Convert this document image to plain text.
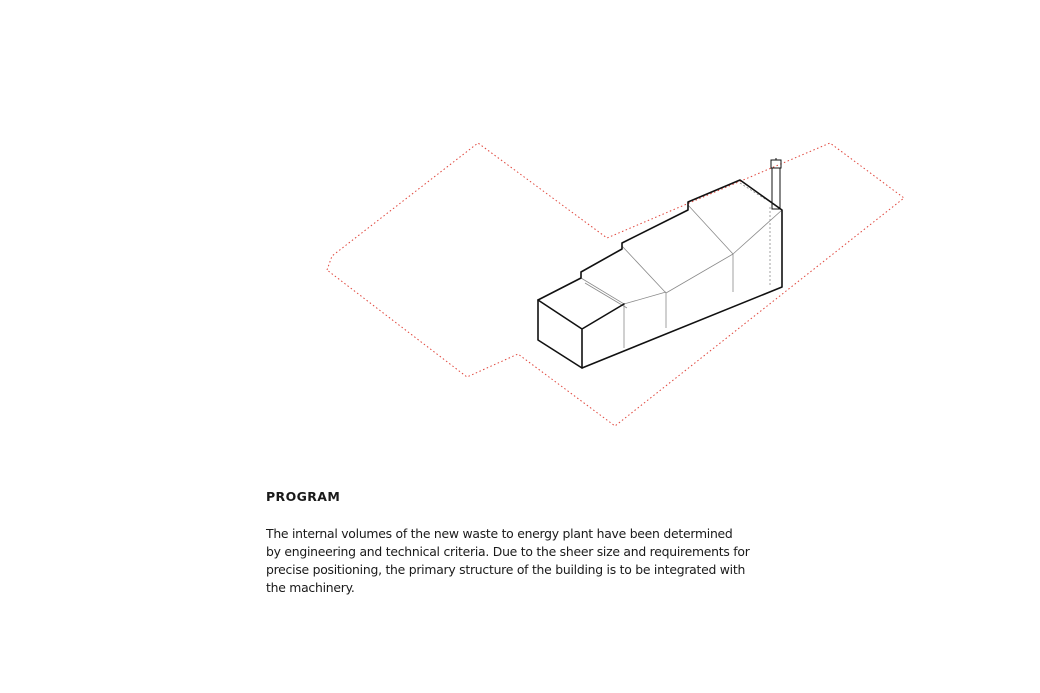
PROGRAM

The internal volumes of the new waste to energy plant have been determined

by engineering and technical criteria. Due to the sheer size and requirements for

precise positioning, the primary structure of the building is to be integrated with

the machinery.
